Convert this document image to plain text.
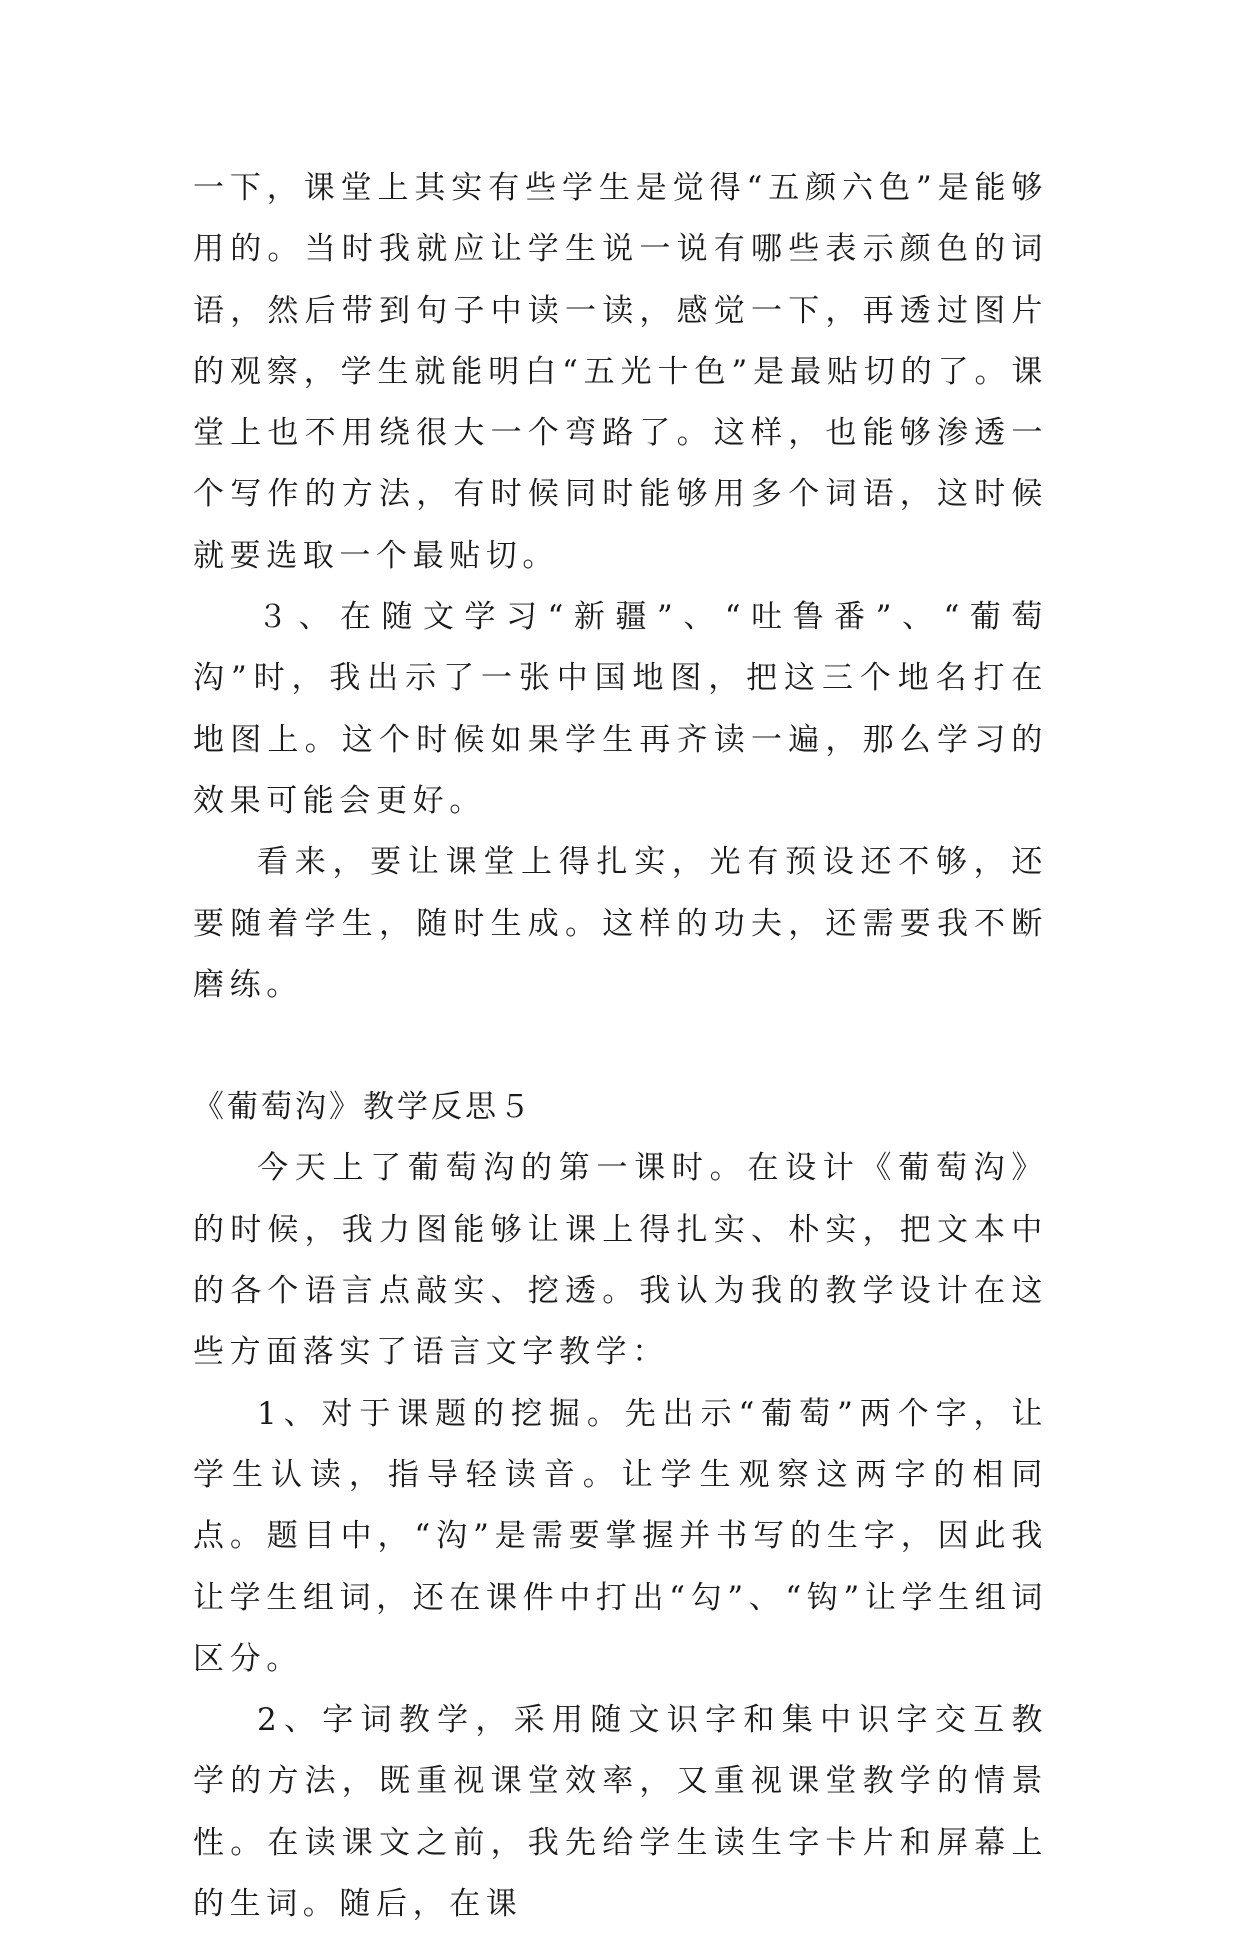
一下，课堂上其实有些学生是觉得“五颜六色”是能够用的。当时我就应让学生说一说有哪些表示颜色的词语，然后带到句子中读一读，感觉一下，再透过图片的观察，学生就能明白“五光十色”是最贴切的了。课堂上也不用绕很大一个弯路了。这样，也能够渗透一个写作的方法，有时候同时能够用多个词语，这时候就要选取一个最贴切。

３、在随文学习“新疆”、“吐鲁番”、“葡萄沟”时，我出示了一张中国地图，把这三个地名打在地图上。这个时候如果学生再齐读一遍，那么学习的效果可能会更好。

看来，要让课堂上得扎实，光有预设还不够，还要随着学生，随时生成。这样的功夫，还需要我不断磨练。

《葡萄沟》教学反思５

今天上了葡萄沟的第一课时。在设计《葡萄沟》的时候，我力图能够让课上得扎实、朴实，把文本中的各个语言点敲实、挖透。我认为我的教学设计在这些方面落实了语言文字教学：

1、对于课题的挖掘。先出示“葡萄”两个字，让学生认读，指导轻读音。让学生观察这两字的相同点。题目中，“沟”是需要掌握并书写的生字，因此我让学生组词，还在课件中打出“勾”、“钩”让学生组词区分。

2、字词教学，采用随文识字和集中识字交互教学的方法，既重视课堂效率，又重视课堂教学的情景性。在读课文之前，我先给学生读生字卡片和屏幕上的生词。随后，在课
